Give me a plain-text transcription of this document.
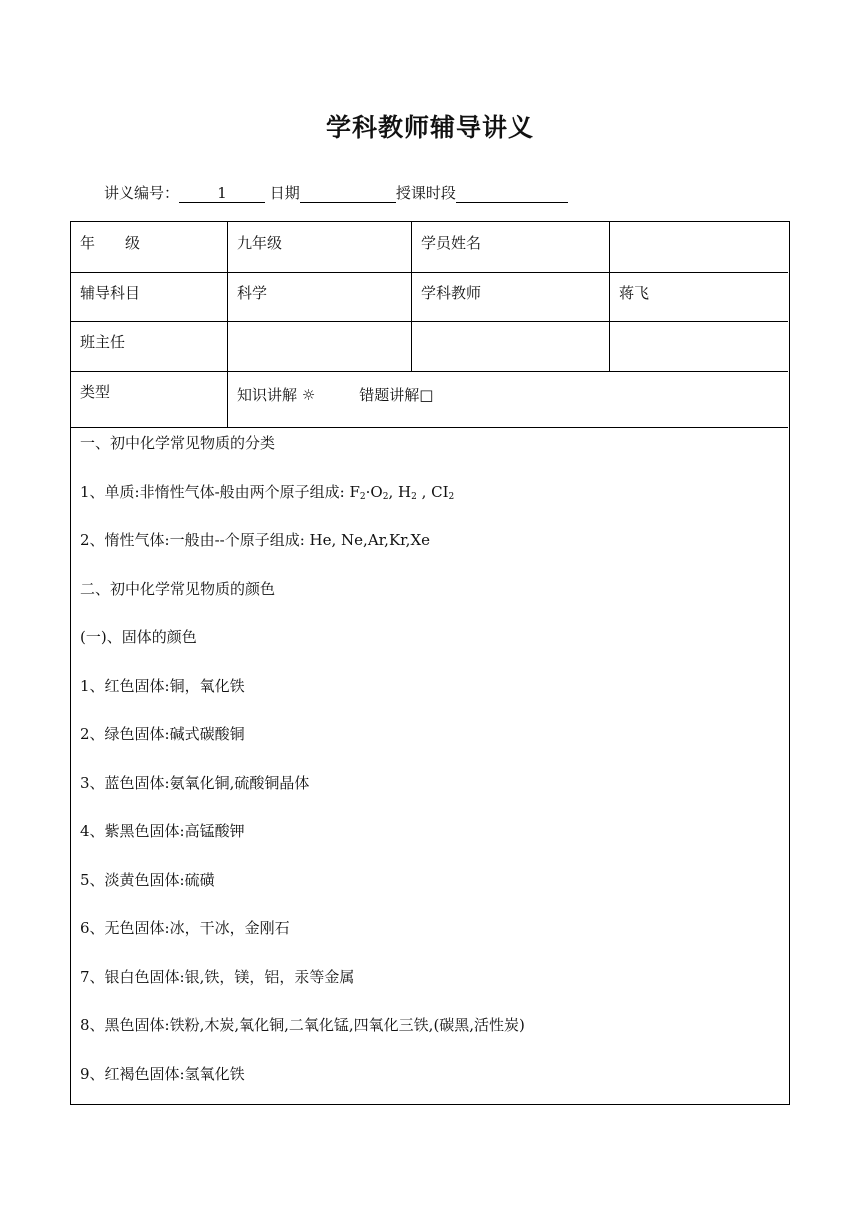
学科教师辅导讲义
讲义编号：	1	日期	授课时段
年　　级	九年级	学员姓名
辅导科目	科学	学科教师	蒋飞
班主任
类型	知识讲解 ☼	错题讲解□
一、初中化学常见物质的分类
1、单质:非惰性气体-般由两个原子组成: $F_2\cdot O_2$, $H_2$ , $CI_2$
2、惰性气体:一般由--个原子组成: He, Ne,Ar,Kr,Xe
二、初中化学常见物质的颜色
(一)、固体的颜色
1、红色固体:铜，氧化铁
2、绿色固体:碱式碳酸铜
3、蓝色固体:氨氧化铜,硫酸铜晶体
4、紫黑色固体:高锰酸钾
5、淡黄色固体:硫磺
6、无色固体:冰，干冰，金刚石
7、银白色固体:银,铁，镁，铝，汞等金属
8、黑色固体:铁粉,木炭,氧化铜,二氧化锰,四氧化三铁,(碳黑,活性炭)
9、红褐色固体:氢氧化铁
